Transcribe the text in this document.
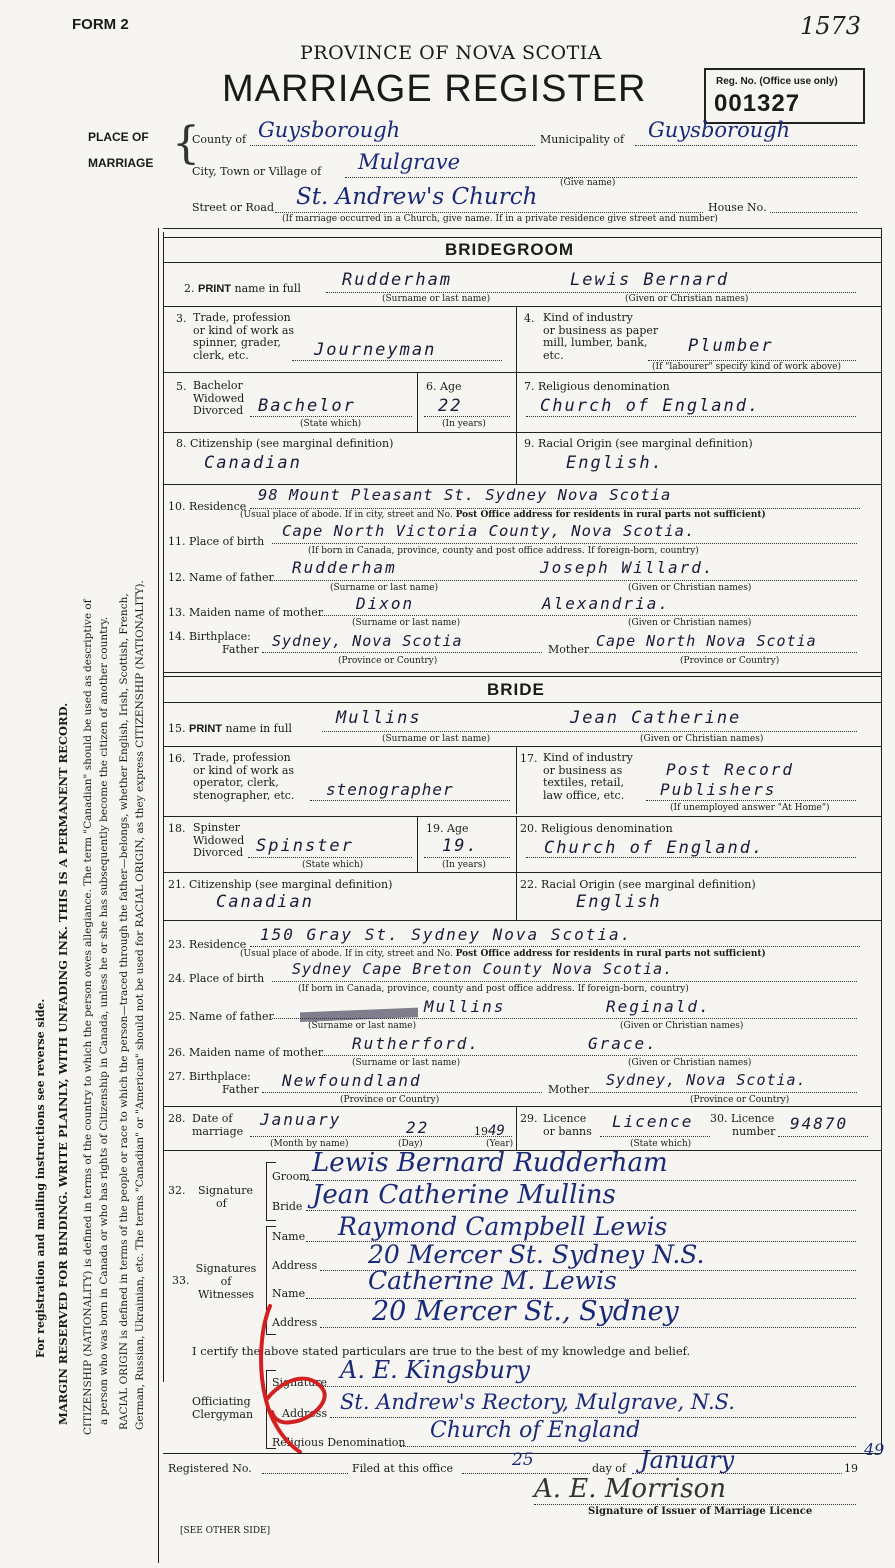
FORM 2	1573
PROVINCE OF NOVA SCOTIA
MARRIAGE REGISTER	Reg. No. (Office use only)
001327
PLACE OF
MARRIAGE {
County of Guysborough	Municipality of Guysborough
City, Town or Village of Mulgrave
(Give name)
Street or Road St. Andrew's Church	House No.
(If marriage occurred in a Church, give name. If in a private residence give street and number)
For registration and mailing instructions see reverse side. MARGIN RESERVED FOR BINDING. WRITE PLAINLY, WITH UNFADING INK. THIS IS A PERMANENT RECORD. CITIZENSHIP (NATIONALITY) is defined in terms of the country to which the person owes allegiance. The term "Canadian" should be used as descriptive of a person who was born in Canada or who has rights of Citizenship in Canada, unless he or she has subsequently become the citizen of another country. RACIAL ORIGIN is defined in terms of the people or race to which the person—traced through the father—belongs, whether English, Irish, Scottish, French, German, Russian, Ukrainian, etc. The terms "Canadian" or "American" should not be used for RACIAL ORIGIN, as they express CITIZENSHIP (NATIONALITY).
BRIDEGROOM
2. PRINT name in full Rudderham	Lewis Bernard
(Surname or last name)	(Given or Christian names)
3. Trade, profession
or kind of work as
spinner, grader,
clerk, etc.	Journeyman
4. Kind of industry
or business as paper
mill, lumber, bank,
etc.	Plumber
(If "labourer" specify kind of work above)
5. Bachelor
Widowed
Divorced Bachelor
(State which)
6. Age
22
(In years)
7. Religious denomination
Church of England.
8. Citizenship (see marginal definition)
Canadian
9. Racial Origin (see marginal definition)
English.
10. Residence
98 Mount Pleasant St. Sydney Nova Scotia
(Usual place of abode. If in city, street and No. Post Office address for residents in rural parts not sufficient)
11. Place of birth
Cape North Victoria County, Nova Scotia.
(If born in Canada, province, county and post office address. If foreign-born, country)
12. Name of father
Rudderham	Joseph Willard.
(Surname or last name)	(Given or Christian names)
13. Maiden name of mother Dixon	Alexandria.
(Surname or last name)	(Given or Christian names)
14. Birthplace:
Father Sydney, Nova Scotia
(Province or Country)
Mother Cape North Nova Scotia
(Province or Country)
BRIDE
15. PRINT name in full
Mullins	Jean Catherine
(Surname or last name)	(Given or Christian names)
16. Trade, profession
or kind of work as
operator, clerk,
stenographer, etc. stenographer
17. Kind of industry
or business as
textiles, retail,
law office, etc.
Post Record
Publishers
(If unemployed answer "At Home")
18. Spinster
Widowed
Divorced Spinster
(State which)
19. Age
19.
(In years)
20. Religious denomination
Church of England.
21. Citizenship (see marginal definition)
Canadian
22. Racial Origin (see marginal definition)
English
23. Residence
150 Gray St. Sydney Nova Scotia.
(Usual place of abode. If in city, street and No. Post Office address for residents in rural parts not sufficient)
24. Place of birth
Sydney Cape Breton County Nova Scotia.
(If born in Canada, province, county and post office address. If foreign-born, country)
25. Name of father
Mullins	Reginald.
(Surname or last name)	(Given or Christian names)
26. Maiden name of mother Rutherford.	Grace.
(Surname or last name)	(Given or Christian names)
27. Birthplace:
Father Newfoundland
(Province or Country)
Mother
Sydney, Nova Scotia.
(Province or Country)
28. Date of
marriage
January	22	1949
(Month by name)	(Day)	(Year)
29. Licence
or banns
Licence
(State which)
30. Licence
number 94870
32. Signature
of
Groom Lewis Bernard Rudderham
Bride Jean Catherine Mullins
33.
Signatures
of
Witnesses
Name Raymond Campbell Lewis
Address 20 Mercer St. Sydney N.S.
Name	Catherine M. Lewis
Address 20 Mercer St., Sydney
I certify the above stated particulars are true to the best of my knowledge and belief.
Officiating
Clergyman
Signature A. E. Kingsbury
Address St. Andrew's Rectory, Mulgrave, N.S.
Religious Denomination Church of England
Registered No.	Filed at this office	25	day of January	19
49
A. E. Morrison
Signature of Issuer of Marriage Licence
[SEE OTHER SIDE]
